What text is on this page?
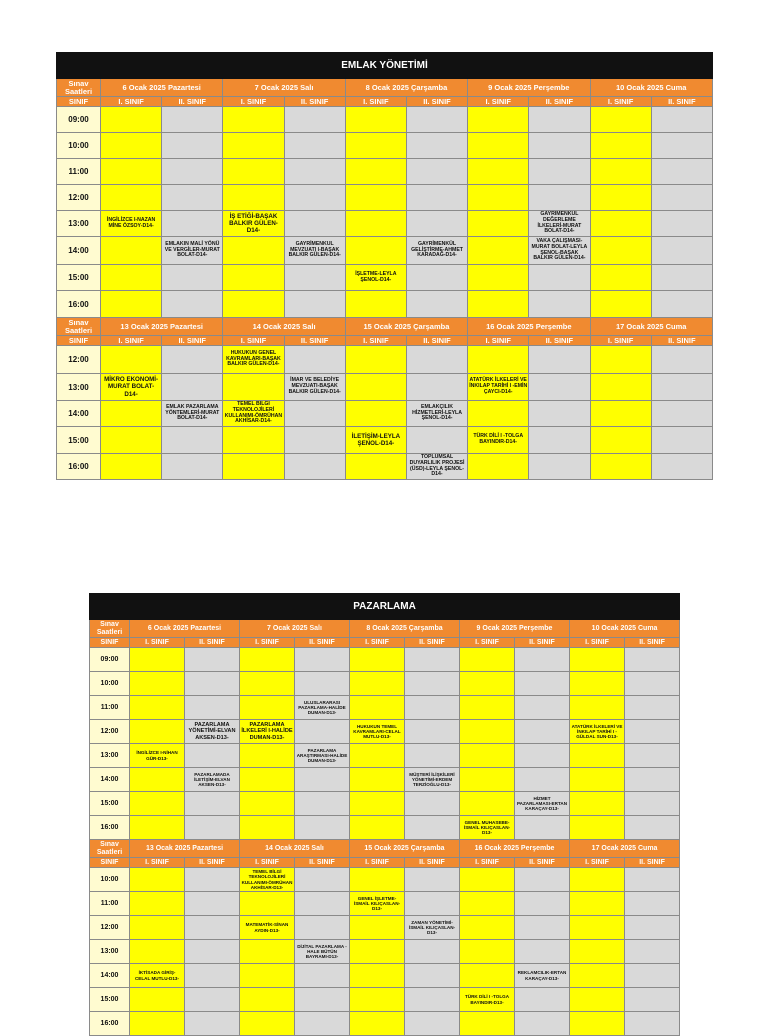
EMLAK YÖNETİMİ										
Sınav Saatleri	6 Ocak 2025 Pazartesi		7 Ocak 2025 Salı		8 Ocak 2025 Çarşamba		9 Ocak 2025 Perşembe		10 Ocak 2025 Cuma	
SINIF	I. SINIF	II. SINIF	I. SINIF	II. SINIF	I. SINIF	II. SINIF	I. SINIF	II. SINIF	I. SINIF	II. SINIF
09:00										
10:00										
11:00										
12:00										
13:00	İNGİLİZCE I-NAZAN MİNE ÖZSOY-D14-		İŞ ETİĞİ-BAŞAK BALKIR GÜLEN-D14-					GAYRİMENKUL DEĞERLEME İLKELERİ-MURAT BOLAT-D14-		
14:00		EMLAKIN MALİ YÖNÜ VE VERGİLER-MURAT BOLAT-D14-		GAYRİMENKUL MEVZUATI I-BAŞAK BALKIR GÜLEN-D14-		GAYRİMENKÜL GELİŞTİRME-AHMET KARADAĞ-D14-		VAKA ÇALIŞMASI-MURAT BOLAT-LEYLA ŞENOL-BAŞAK BALKIR GÜLEN-D14-		
15:00					İŞLETME-LEYLA ŞENOL-D14-					
16:00										
Sınav Saatleri	13 Ocak 2025 Pazartesi		14 Ocak 2025 Salı		15 Ocak 2025 Çarşamba		16 Ocak 2025 Perşembe		17 Ocak 2025 Cuma	
SINIF	I. SINIF	II. SINIF	I. SINIF	II. SINIF	I. SINIF	II. SINIF	I. SINIF	II. SINIF	I. SINIF	II. SINIF
12:00			HUKUKUN GENEL KAVRAMLARI-BAŞAK BALKIR GÜLEN-D14-							
13:00	MİKRO EKONOMİ-MURAT BOLAT-D14-			İMAR VE BELEDİYE MEVZUATI-BAŞAK BALKIR GÜLEN-D14-			ATATÜRK İLKELERİ VE İNKILAP TARİHİ I -EMİN ÇAYCI-D14-			
14:00		EMLAK PAZARLAMA YÖNTEMLERİ-MURAT BOLAT-D14-	TEMEL BİLGİ TEKNOLOJİLERİ KULLANIMI-ÖMRÜHAN AKHİSAR-D14-			EMLAKÇILIK HİZMETLERİ-LEYLA ŞENOL-D14-				
15:00					İLETİŞİM-LEYLA ŞENOL-D14-		TÜRK DİLİ I -TOLGA BAYINDIR-D14-			
16:00						TOPLUMSAL DUYARLILIK PROJESİ (ÜSD)-LEYLA ŞENOL-D14-				
PAZARLAMA										
Sınav Saatleri	6 Ocak 2025 Pazartesi		7 Ocak 2025 Salı		8 Ocak 2025 Çarşamba		9 Ocak 2025 Perşembe		10 Ocak 2025 Cuma	
SINIF	I. SINIF	II. SINIF	I. SINIF	II. SINIF	I. SINIF	II. SINIF	I. SINIF	II. SINIF	I. SINIF	II. SINIF
09:00										
10:00										
11:00				ULUSLARARASI PAZARLAMA-HALİDE DUMAN-D13-						
12:00		PAZARLAMA YÖNETİMİ-ELVAN AKSEN-D13-	PAZARLAMA İLKELERİ I-HALİDE DUMAN-D13-		HUKUKUN TEMEL KAVRAMLARI-CELAL MUTLU-D13-				ATATÜRK İLKELERİ VE İNKILAP TARİHİ I -GÜLDAL SUN-D13-	
13:00	İNGİLİZCE I-NİHAN GÜR-D13-			PAZARLAMA ARAŞTIRMASI-HALİDE DUMAN-D13-						
14:00		PAZARLAMADA İLETİŞİM-ELVAN AKSEN-D13-				MÜŞTERİ İLİŞKİLERİ YÖNETİMİ-ERDEM TERZİOĞLU-D13-				
15:00								HİZMET PAZARLAMASI-ERTAN KARAÇAY-D13-		
16:00							GENEL MUHASEBE-İSMAİL KILIÇASLAN-D13-			
Sınav Saatleri	13 Ocak 2025 Pazartesi		14 Ocak 2025 Salı		15 Ocak 2025 Çarşamba		16 Ocak 2025 Perşembe		17 Ocak 2025 Cuma	
SINIF	I. SINIF	II. SINIF	I. SINIF	II. SINIF	I. SINIF	II. SINIF	I. SINIF	II. SINIF	I. SINIF	II. SINIF
10:00			TEMEL BİLGİ TEKNOLOJİLERİ KULLANIMI-ÖMRÜHAN AKHİSAR-D13-							
11:00					GENEL İŞLETME-İSMAİL KILIÇASLAN-D13-					
12:00			MATEMATİK-SİNAN AYDIN-D13-			ZAMAN YÖNETİMİ-İSMAİL KILIÇASLAN-D13-				
13:00				DİJİTAL PAZARLAMA -HALE BÜTÜN BAYRAMI-D13-						
14:00	İKTİSADA GİRİŞ-CELAL MUTLU-D13-							REKLAMCILIK-ERTAN KARAÇAY-D13-		
15:00							TÜRK DİLİ I -TOLGA BAYINDIR-D13-			
16:00										
